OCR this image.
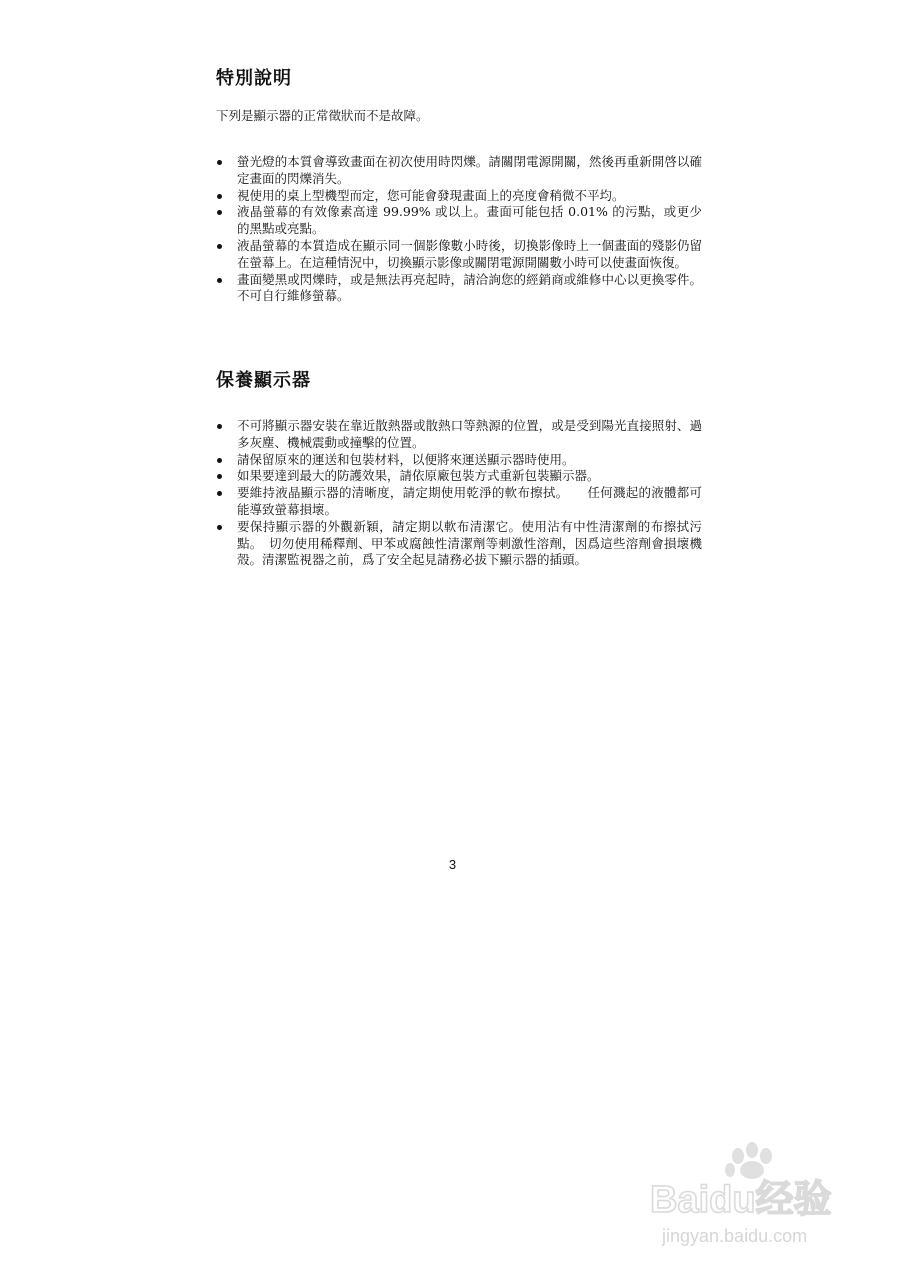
特別說明

下列是顯示器的正常徵狀而不是故障。

螢光燈的本質會導致畫面在初次使用時閃爍。請關閉電源開關，然後再重新開啓以確定畫面的閃爍消失。
視使用的桌上型機型而定，您可能會發現畫面上的亮度會稍微不平均。
液晶螢幕的有效像素高達 99.99% 或以上。畫面可能包括 0.01% 的污點，或更少的黑點或亮點。
液晶螢幕的本質造成在顯示同一個影像數小時後，切換影像時上一個畫面的殘影仍留在螢幕上。在這種情況中，切換顯示影像或關閉電源開關數小時可以使畫面恢復。
畫面變黑或閃爍時，或是無法再亮起時，請洽詢您的經銷商或維修中心以更換零件。不可自行維修螢幕。
保養顯示器
不可將顯示器安裝在靠近散熱器或散熱口等熱源的位置，或是受到陽光直接照射、過多灰塵、機械震動或撞擊的位置。
請保留原來的運送和包裝材料，以便將來運送顯示器時使用。
如果要達到最大的防護效果，請依原廠包裝方式重新包裝顯示器。
要維持液晶顯示器的清晰度，請定期使用乾淨的軟布擦拭。　　任何濺起的液體都可能導致螢幕損壞。
要保持顯示器的外觀新穎，請定期以軟布清潔它。使用沾有中性清潔劑的布擦拭污點。　切勿使用稀釋劑、甲苯或腐蝕性清潔劑等刺激性溶劑，因爲這些溶劑會損壞機殼。清潔監視器之前，爲了安全起見請務必拔下顯示器的插頭。

3

Baidu经验
jingyan.baidu.com
